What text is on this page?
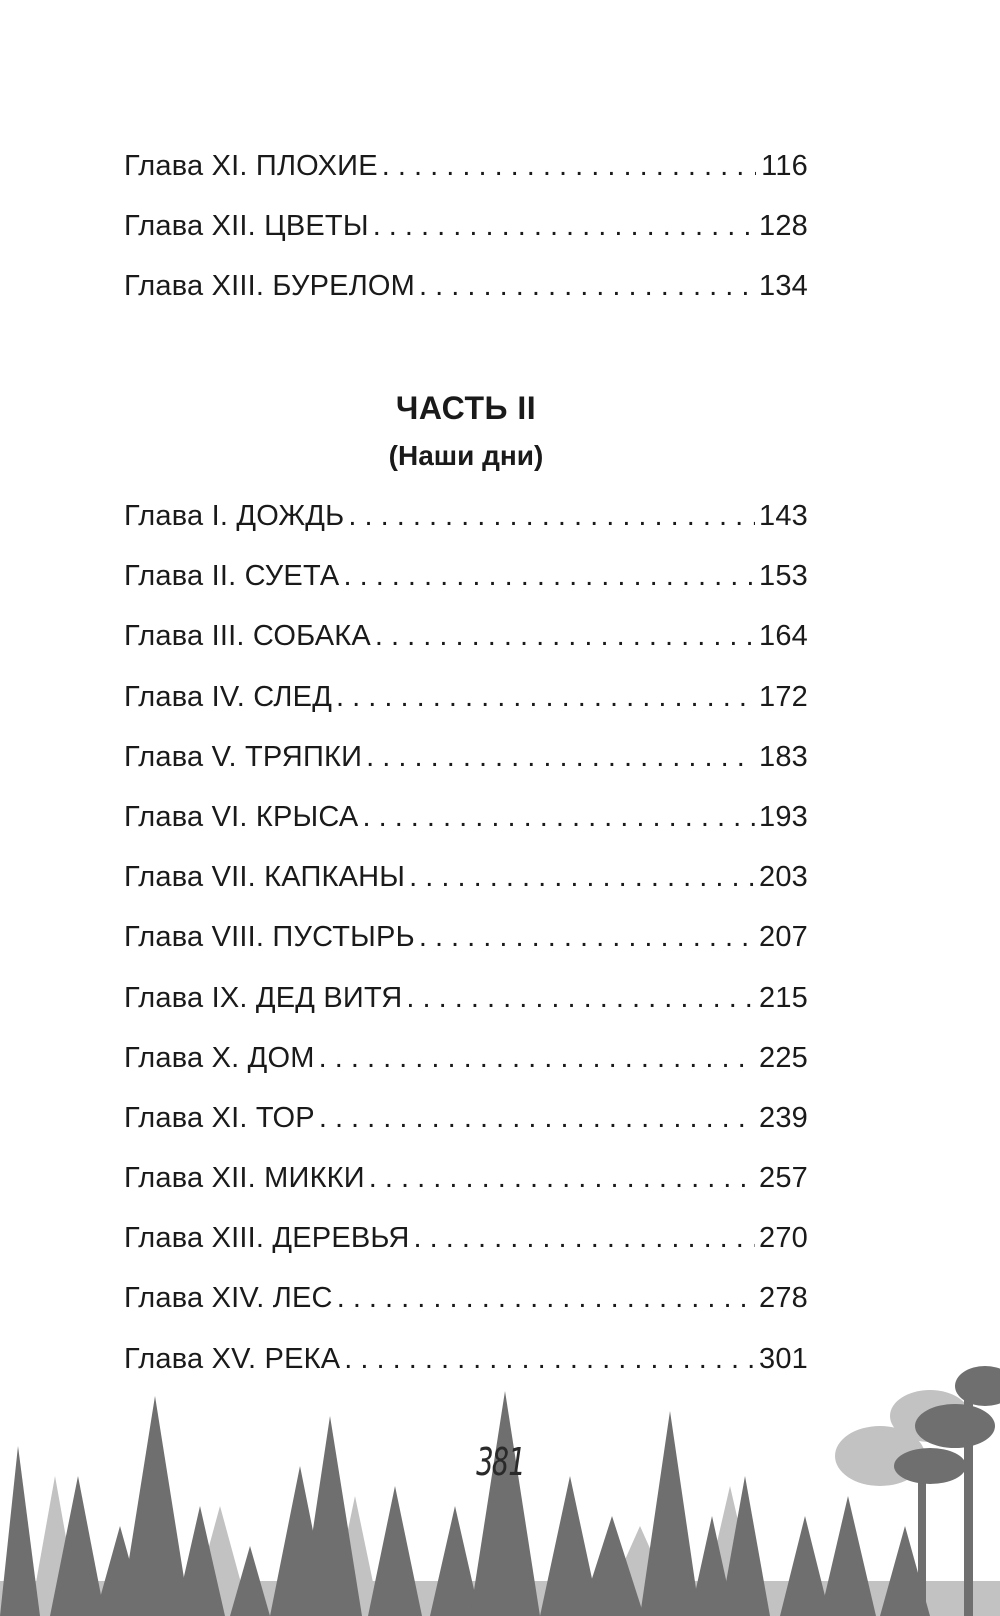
Глава XI. ПЛОХИЕ . . .	116
Глава XII. ЦВЕТЫ . . .	128
Глава XIII. БУРЕЛОМ . . .	134
ЧАСТЬ II
(Наши дни)
Глава I. ДОЖДЬ . . .	143
Глава II. СУЕТА . . .	153
Глава III. СОБАКА . . .	164
Глава IV. СЛЕД . . .	172
Глава V. ТРЯПКИ . . .	183
Глава VI. КРЫСА . . .	193
Глава VII. КАПКАНЫ . . .	203
Глава VIII. ПУСТЫРЬ . . .	207
Глава IX. ДЕД ВИТЯ . . .	215
Глава X. ДОМ . . .	225
Глава XI. ТОР . . .	239
Глава XII. МИККИ . . .	257
Глава XIII. ДЕРЕВЬЯ . . .	270
Глава XIV. ЛЕС . . .	278
Глава XV. РЕКА . . .	301
381
